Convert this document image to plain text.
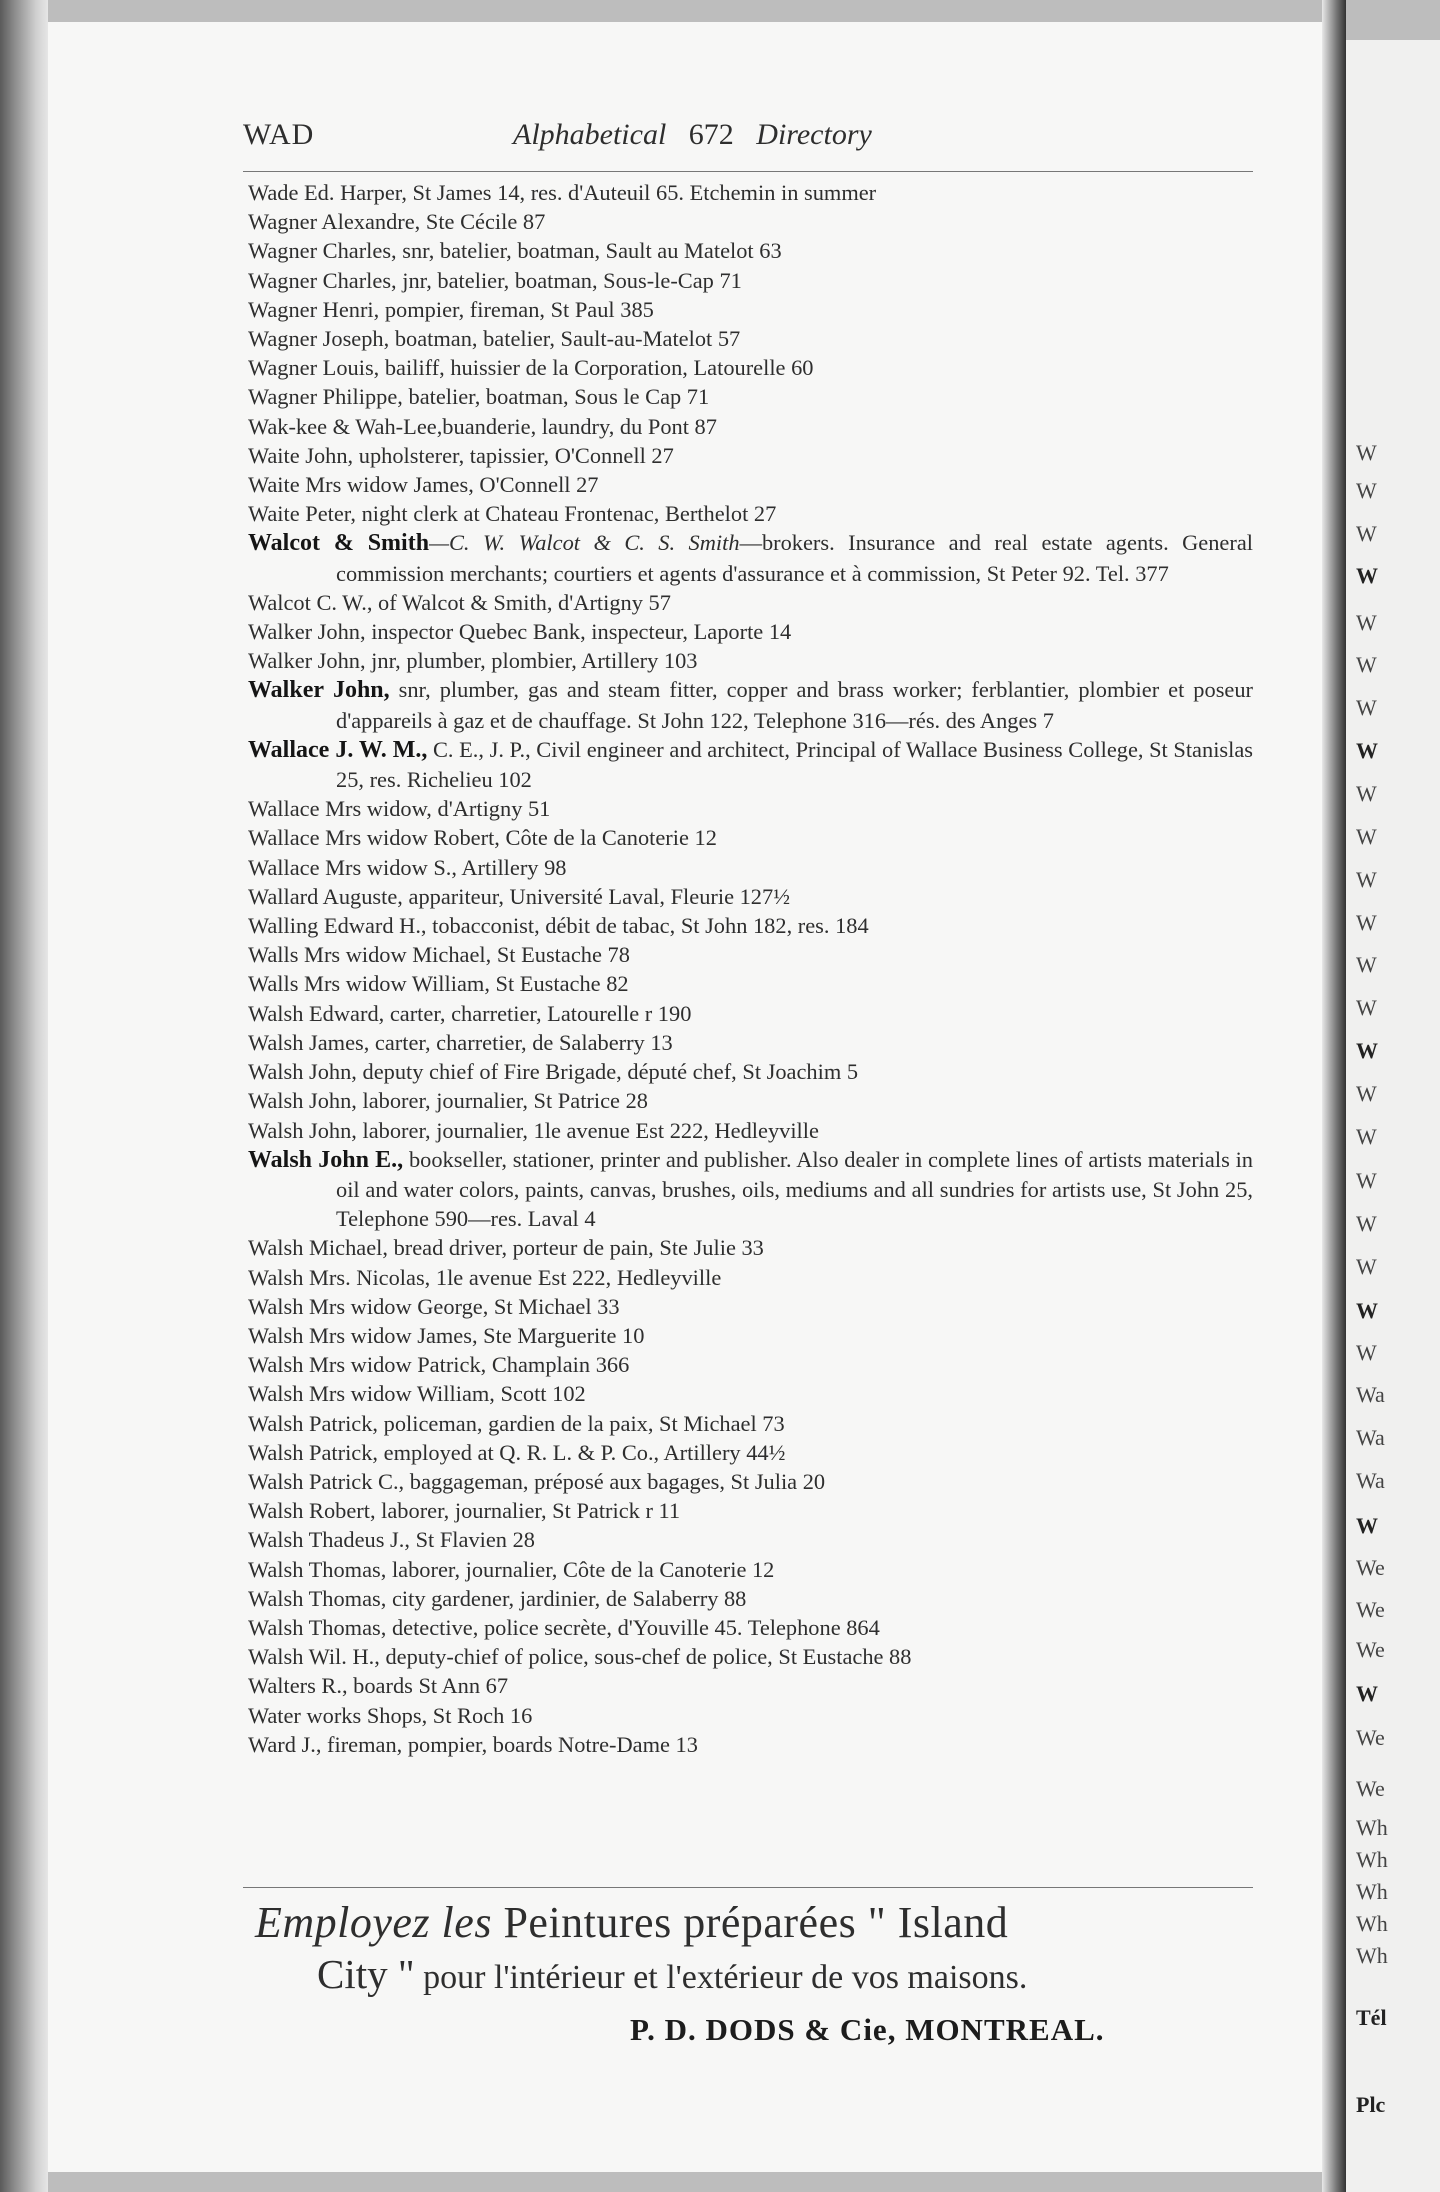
W
W
W
W
W
W
W
W
W
W
W
W
W
W
W
W
W
W
W
W
W
W
Wa
Wa
Wa
W
We
We
We
W
We
We
Wh
Wh
Wh
Wh
Wh
Tél
Plc
WAD	Alphabetical 672 Directory

Wade Ed. Harper, St James 14, res. d'Auteuil 65. Etchemin in summer

Wagner Alexandre, Ste Cécile 87

Wagner Charles, snr, batelier, boatman, Sault au Matelot 63

Wagner Charles, jnr, batelier, boatman, Sous-le-Cap 71

Wagner Henri, pompier, fireman, St Paul 385

Wagner Joseph, boatman, batelier, Sault-au-Matelot 57

Wagner Louis, bailiff, huissier de la Corporation, Latourelle 60

Wagner Philippe, batelier, boatman, Sous le Cap 71

Wak-kee & Wah-Lee,buanderie, laundry, du Pont 87

Waite John, upholsterer, tapissier, O'Connell 27

Waite Mrs widow James, O'Connell 27

Waite Peter, night clerk at Chateau Frontenac, Berthelot 27

Walcot & Smith—C. W. Walcot & C. S. Smith—brokers. Insurance and real estate agents. General commission merchants; courtiers et agents d'assurance et à commission, St Peter 92. Tel. 377

Walcot C. W., of Walcot & Smith, d'Artigny 57

Walker John, inspector Quebec Bank, inspecteur, Laporte 14

Walker John, jnr, plumber, plombier, Artillery 103

Walker John, snr, plumber, gas and steam fitter, copper and brass worker; ferblantier, plombier et poseur d'appareils à gaz et de chauffage. St John 122, Telephone 316—rés. des Anges 7

Wallace J. W. M., C. E., J. P., Civil engineer and architect, Principal of Wallace Business College, St Stanislas 25, res. Richelieu 102

Wallace Mrs widow, d'Artigny 51

Wallace Mrs widow Robert, Côte de la Canoterie 12

Wallace Mrs widow S., Artillery 98

Wallard Auguste, appariteur, Université Laval, Fleurie 127½

Walling Edward H., tobacconist, débit de tabac, St John 182, res. 184

Walls Mrs widow Michael, St Eustache 78

Walls Mrs widow William, St Eustache 82

Walsh Edward, carter, charretier, Latourelle r 190

Walsh James, carter, charretier, de Salaberry 13

Walsh John, deputy chief of Fire Brigade, député chef, St Joachim 5

Walsh John, laborer, journalier, St Patrice 28

Walsh John, laborer, journalier, 1le avenue Est 222, Hedleyville

Walsh John E., bookseller, stationer, printer and publisher. Also dealer in complete lines of artists materials in oil and water colors, paints, canvas, brushes, oils, mediums and all sundries for artists use, St John 25, Telephone 590—res. Laval 4

Walsh Michael, bread driver, porteur de pain, Ste Julie 33

Walsh Mrs. Nicolas, 1le avenue Est 222, Hedleyville

Walsh Mrs widow George, St Michael 33

Walsh Mrs widow James, Ste Marguerite 10

Walsh Mrs widow Patrick, Champlain 366

Walsh Mrs widow William, Scott 102

Walsh Patrick, policeman, gardien de la paix, St Michael 73

Walsh Patrick, employed at Q. R. L. & P. Co., Artillery 44½

Walsh Patrick C., baggageman, préposé aux bagages, St Julia 20

Walsh Robert, laborer, journalier, St Patrick r 11

Walsh Thadeus J., St Flavien 28

Walsh Thomas, laborer, journalier, Côte de la Canoterie 12

Walsh Thomas, city gardener, jardinier, de Salaberry 88

Walsh Thomas, detective, police secrète, d'Youville 45. Telephone 864

Walsh Wil. H., deputy-chief of police, sous-chef de police, St Eustache 88

Walters R., boards St Ann 67

Water works Shops, St Roch 16

Ward J., fireman, pompier, boards Notre-Dame 13

Employez les Peintures préparées " Island
City " pour l'intérieur et l'extérieur de vos maisons.
P. D. DODS & Cie, MONTREAL.
